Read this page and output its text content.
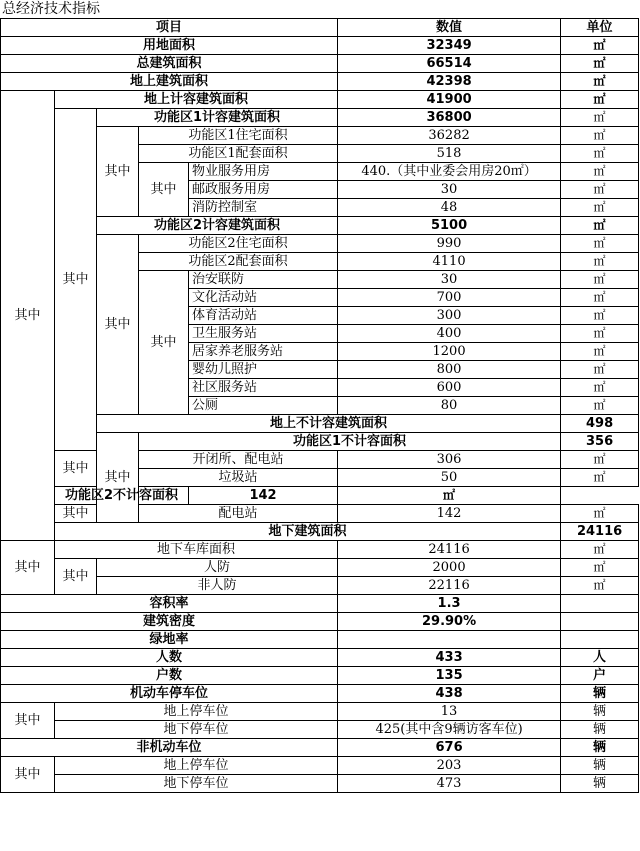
总经济技术指标
项目					数值	单位	
用地面积					32349	㎡	
总建筑面积					66514	㎡	
地上建筑面积					42398	㎡	
其中	地上计容建筑面积				41900	㎡	
	其中	功能区1计容建筑面积			36800	㎡	
		其中	功能区1住宅面积		36282	㎡	
			功能区1配套面积		518	㎡	
			其中	物业服务用房	440.（其中业委会用房20㎡）	㎡	
				邮政服务用房	30	㎡	
				消防控制室	48	㎡	
		功能区2计容建筑面积			5100	㎡	
		其中	功能区2住宅面积		990	㎡	
			功能区2配套面积		4110	㎡	
			其中	治安联防	30	㎡	
				文化活动站	700	㎡	
				体育活动站	300	㎡	
				卫生服务站	400	㎡	
				居家养老服务站	1200	㎡	
				婴幼儿照护	800	㎡	
				社区服务站	600	㎡	
				公厕	80	㎡	
		地上不计容建筑面积				498	
		其中	功能区1不计容面积			356	
	其中		开闭所、配电站		306	㎡	
			垃圾站		50	㎡	
	功能区2不计容面积			142	㎡		
	其中		配电站		142	㎡	
	地下建筑面积					24116	
其中	地下车库面积				24116	㎡	
	其中	人防			2000	㎡	
		非人防			22116	㎡	
容积率					1.3		
建筑密度					29.90%		
绿地率							
人数					433	人	
户数					135	户	
机动车停车位					438	辆	
其中	地上停车位				13	辆	
	地下停车位				425(其中含9辆访客车位)	辆	
非机动车位					676	辆	
其中	地上停车位				203	辆	
	地下停车位				473	辆	
